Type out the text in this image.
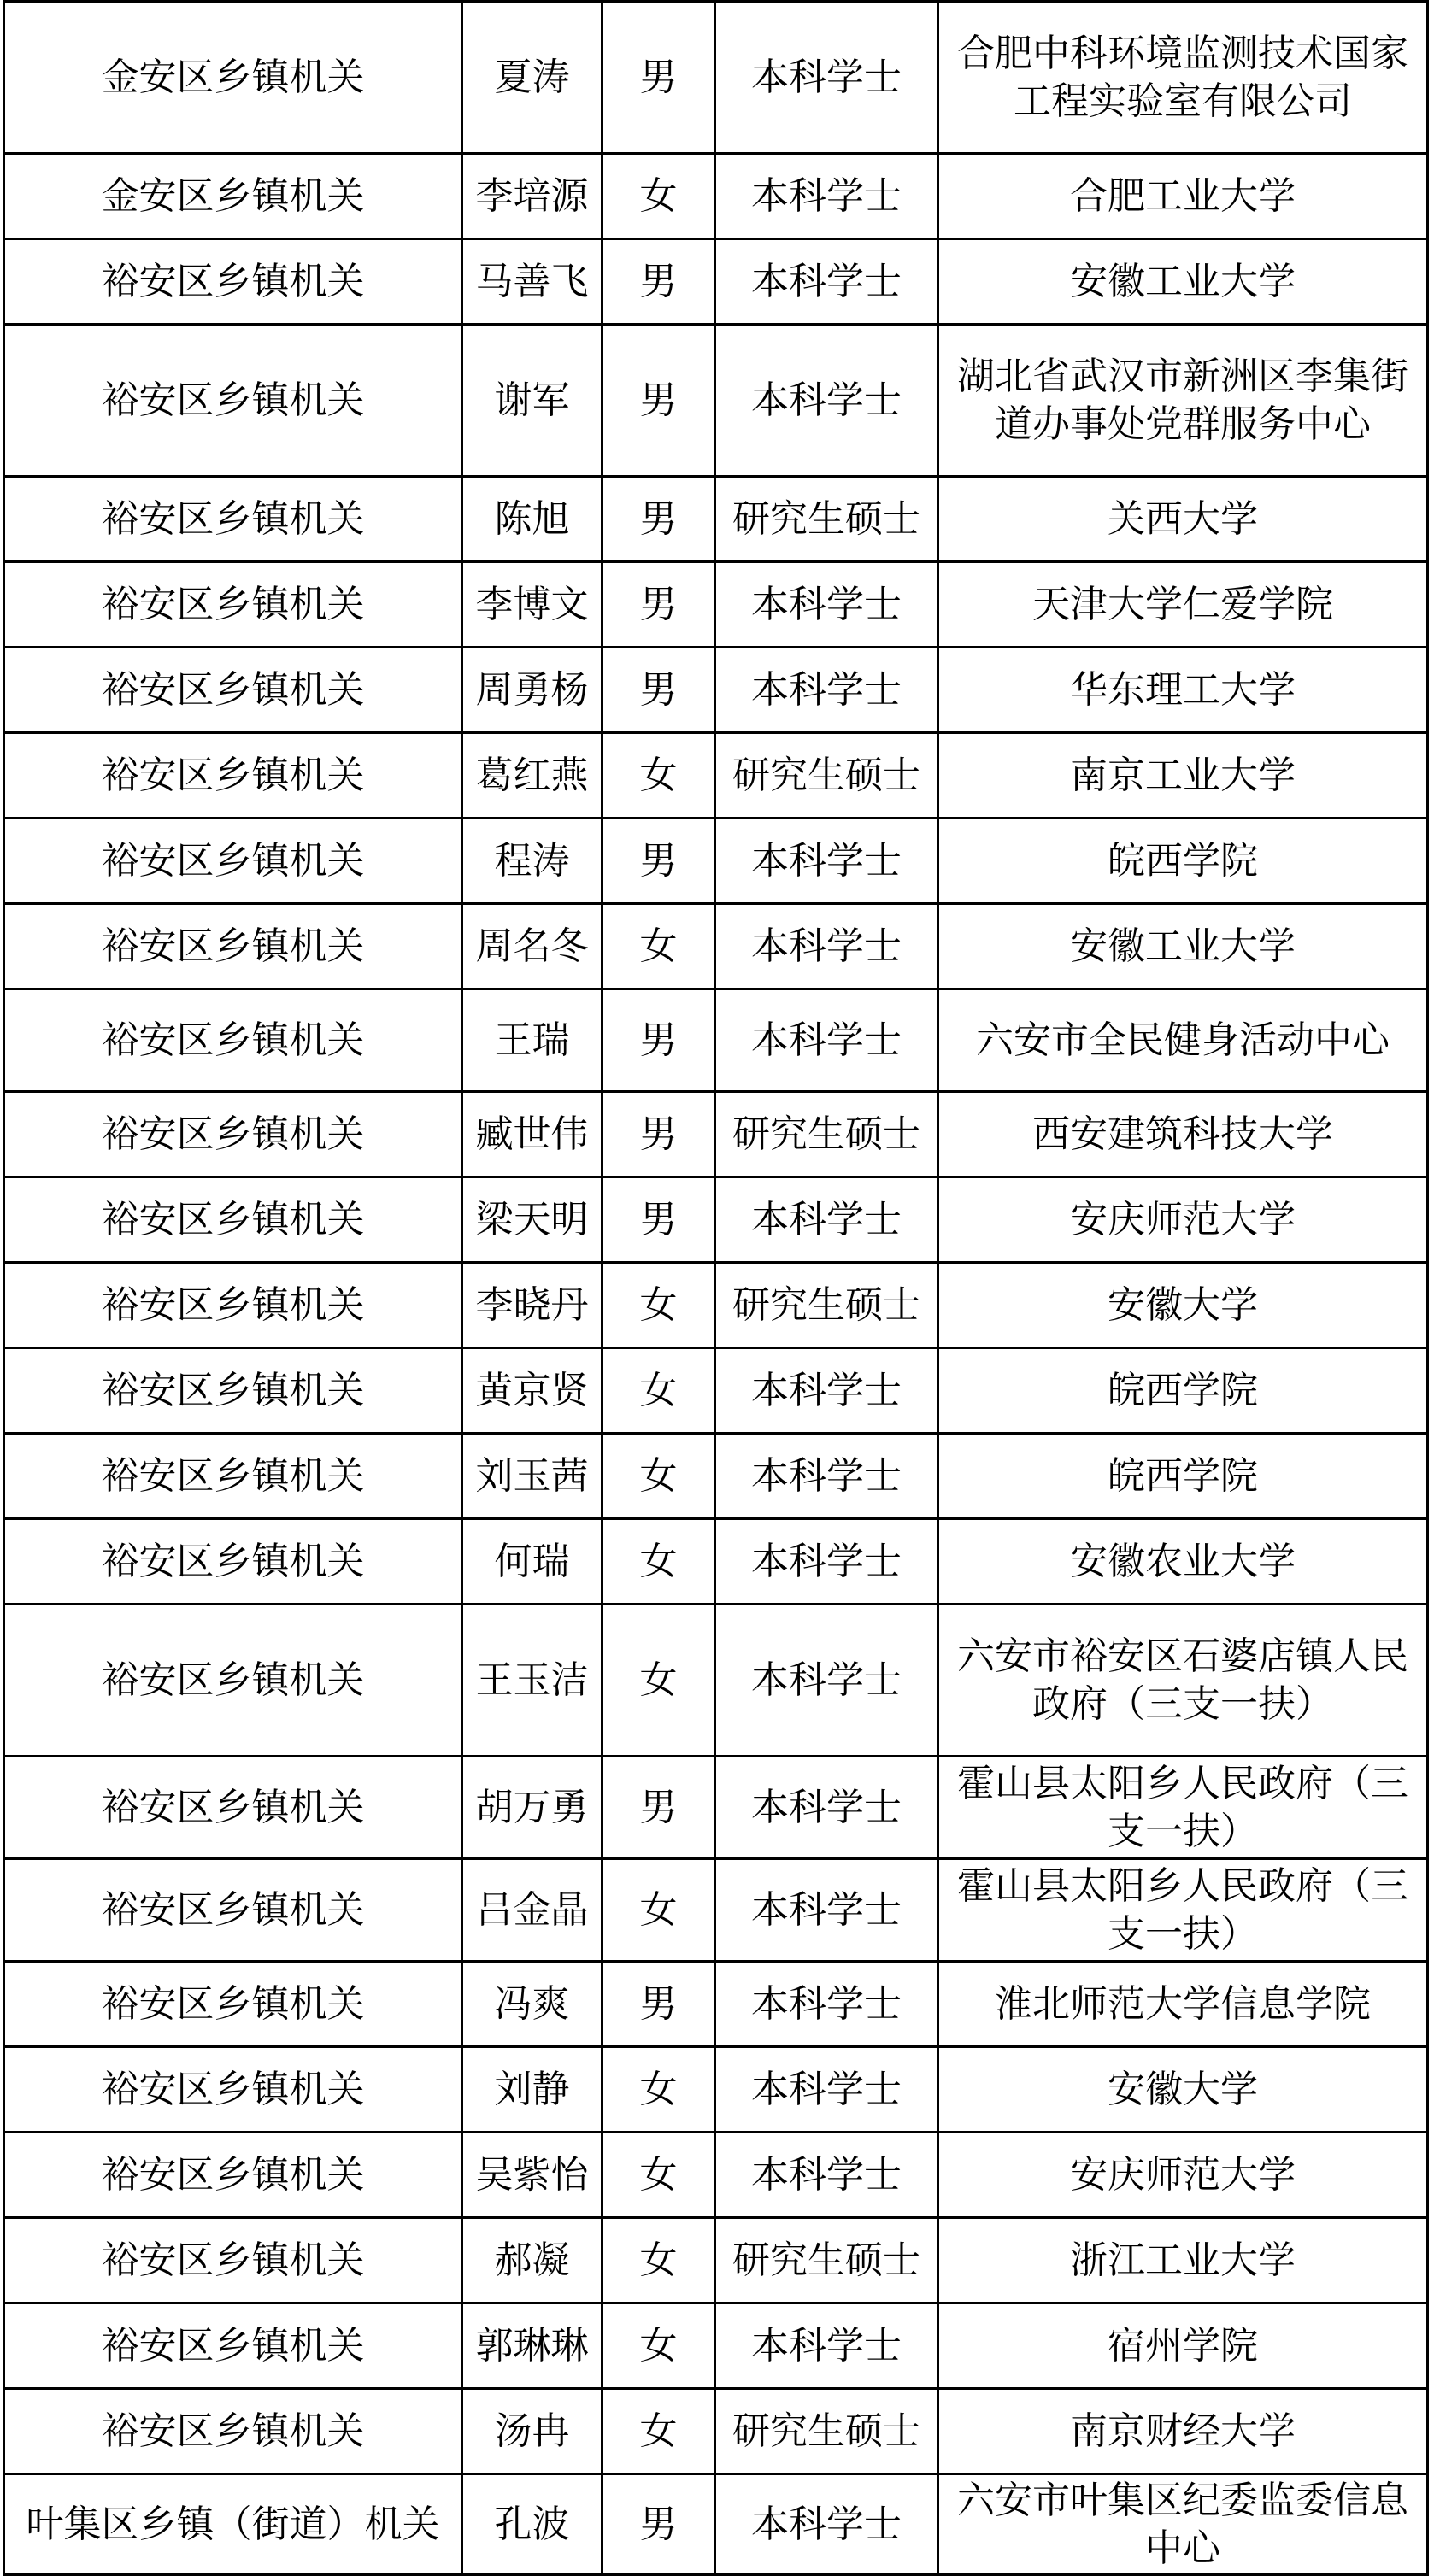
金安区乡镇机关	夏涛	男	本科学士	合肥中科环境监测技术国家工程实验室有限公司
金安区乡镇机关	李培源	女	本科学士	合肥工业大学
裕安区乡镇机关	马善飞	男	本科学士	安徽工业大学
裕安区乡镇机关	谢军	男	本科学士	湖北省武汉市新洲区李集街道办事处党群服务中心
裕安区乡镇机关	陈旭	男	研究生硕士	关西大学
裕安区乡镇机关	李博文	男	本科学士	天津大学仁爱学院
裕安区乡镇机关	周勇杨	男	本科学士	华东理工大学
裕安区乡镇机关	葛红燕	女	研究生硕士	南京工业大学
裕安区乡镇机关	程涛	男	本科学士	皖西学院
裕安区乡镇机关	周名冬	女	本科学士	安徽工业大学
裕安区乡镇机关	王瑞	男	本科学士	六安市全民健身活动中心
裕安区乡镇机关	臧世伟	男	研究生硕士	西安建筑科技大学
裕安区乡镇机关	梁天明	男	本科学士	安庆师范大学
裕安区乡镇机关	李晓丹	女	研究生硕士	安徽大学
裕安区乡镇机关	黄京贤	女	本科学士	皖西学院
裕安区乡镇机关	刘玉茜	女	本科学士	皖西学院
裕安区乡镇机关	何瑞	女	本科学士	安徽农业大学
裕安区乡镇机关	王玉洁	女	本科学士	六安市裕安区石婆店镇人民政府（三支一扶）
裕安区乡镇机关	胡万勇	男	本科学士	霍山县太阳乡人民政府（三支一扶）
裕安区乡镇机关	吕金晶	女	本科学士	霍山县太阳乡人民政府（三支一扶）
裕安区乡镇机关	冯爽	男	本科学士	淮北师范大学信息学院
裕安区乡镇机关	刘静	女	本科学士	安徽大学
裕安区乡镇机关	吴紫怡	女	本科学士	安庆师范大学
裕安区乡镇机关	郝凝	女	研究生硕士	浙江工业大学
裕安区乡镇机关	郭琳琳	女	本科学士	宿州学院
裕安区乡镇机关	汤冉	女	研究生硕士	南京财经大学
叶集区乡镇（街道）机关	孔波	男	本科学士	六安市叶集区纪委监委信息中心
